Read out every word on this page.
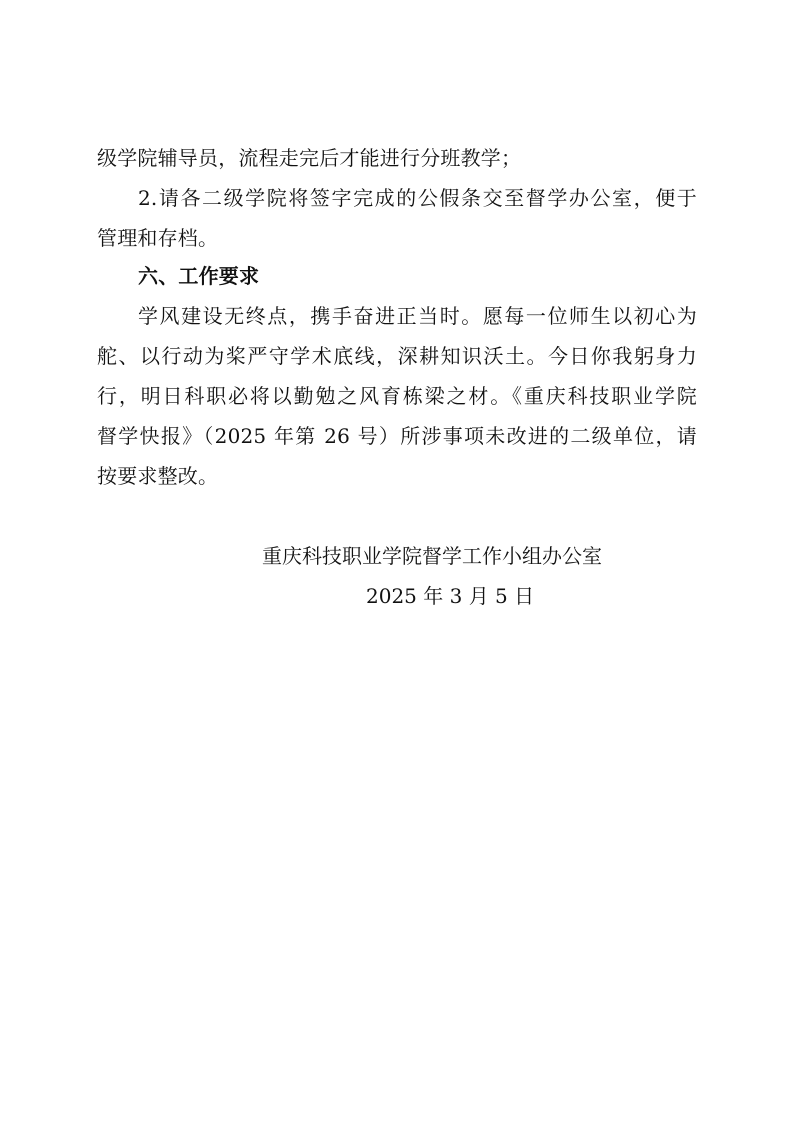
级学院辅导员，流程走完后才能进行分班教学；
2.请各二级学院将签字完成的公假条交至督学办公室，便于
管理和存档。
六、工作要求
学风建设无终点，携手奋进正当时。愿每一位师生以初心为
舵、以行动为桨严守学术底线，深耕知识沃土。今日你我躬身力
行，明日科职必将以勤勉之风育栋梁之材。《重庆科技职业学院
督学快报》（2025 年第 26 号）所涉事项未改进的二级单位，请
按要求整改。
重庆科技职业学院督学工作小组办公室
2025 年 3 月 5 日
